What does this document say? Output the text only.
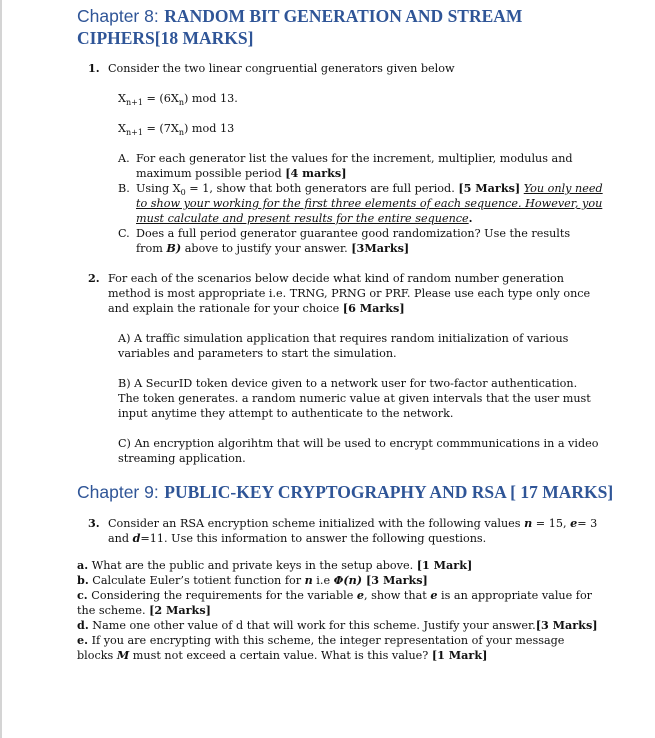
Chapter 8: RANDOM BIT GENERATION AND STREAM
CIPHERS[18 MARKS]
1. Consider the two linear congruential generators given below
$X_{n+1} = (6X_n)$ mod 13.
$X_{n+1} = (7X_n)$ mod 13
A. For each generator list the values for the increment, multiplier, modulus and
maximum possible period [4 marks]
B. Using $X_0 = 1$, show that both generators are full period. [5 Marks] You only need
to show your working for the first three elements of each sequence. However, you
must calculate and present results for the entire sequence.
C. Does a full period generator guarantee good randomization? Use the results
from B) above to justify your answer. [3Marks]
2. For each of the scenarios below decide what kind of random number generation
method is most appropriate i.e. TRNG, PRNG or PRF. Please use each type only once
and explain the rationale for your choice [6 Marks]
A) A traffic simulation application that requires random initialization of various
variables and parameters to start the simulation.
B) A SecurID token device given to a network user for two-factor authentication.
The token generates. a random numeric value at given intervals that the user must
input anytime they attempt to authenticate to the network.
C) An encryption algorihtm that will be used to encrypt commmunications in a video
streaming application.
Chapter 9: PUBLIC-KEY CRYPTOGRAPHY AND RSA [ 17 MARKS]
3. Consider an RSA encryption scheme initialized with the following values n = 15, e= 3
and d=11. Use this information to answer the following questions.
a. What are the public and private keys in the setup above. [1 Mark]
b. Calculate Euler’s totient function for n i.e Φ(n) [3 Marks]
c. Considering the requirements for the variable e, show that e is an appropriate value for
the scheme. [2 Marks]
d. Name one other value of d that will work for this scheme. Justify your answer.[3 Marks]
e. If you are encrypting with this scheme, the integer representation of your message
blocks M must not exceed a certain value. What is this value? [1 Mark]
